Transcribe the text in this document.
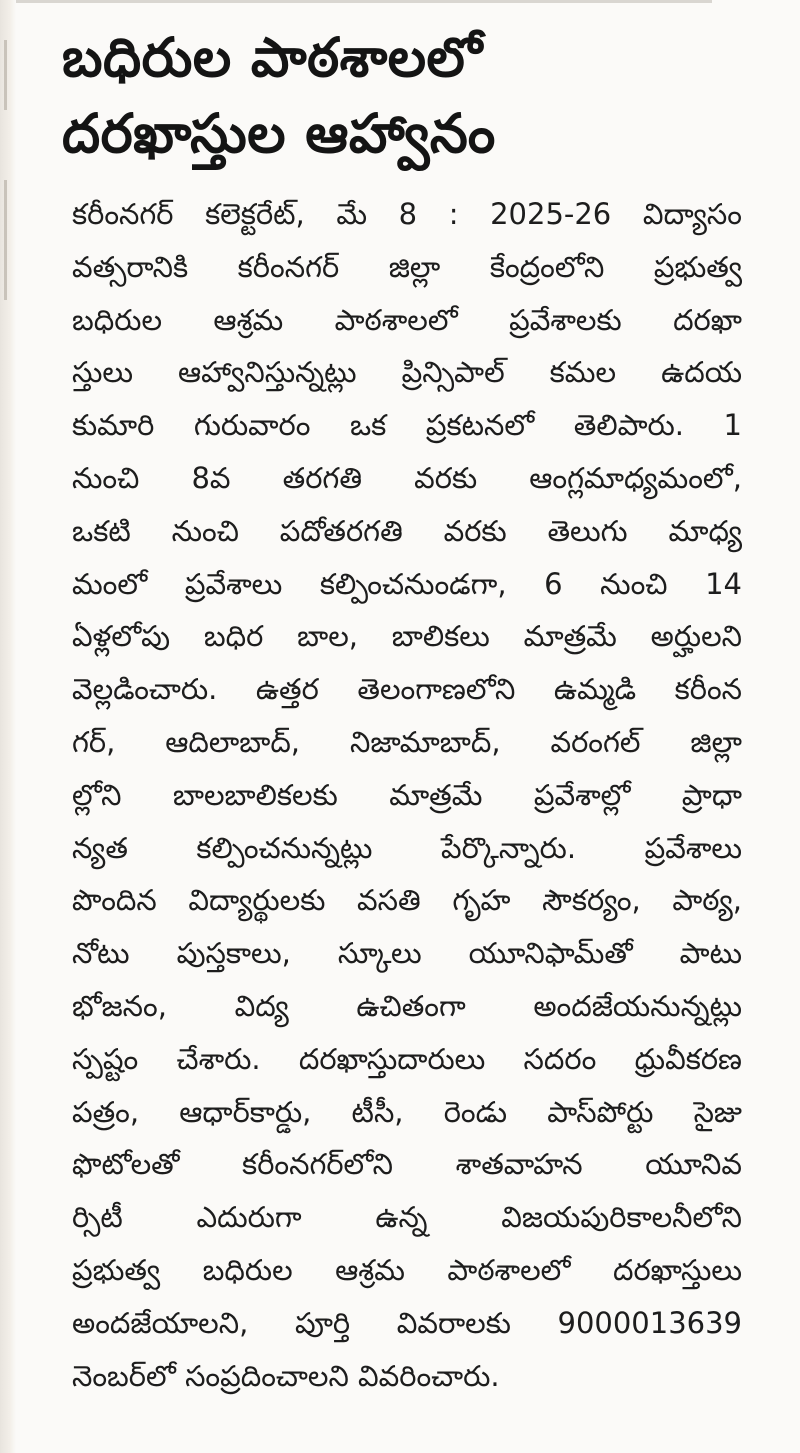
బధిరుల పాఠశాలలో
దరఖాస్తుల ఆహ్వానం
కరీంనగర్ కలెక్టరేట్, మే 8 : 2025-26 విద్యాసం
వత్సరానికి కరీంనగర్ జిల్లా కేంద్రంలోని ప్రభుత్వ
బధిరుల ఆశ్రమ పాఠశాలలో ప్రవేశాలకు దరఖా
స్తులు ఆహ్వానిస్తున్నట్లు ప్రిన్సిపాల్ కమల ఉదయ
కుమారి గురువారం ఒక ప్రకటనలో తెలిపారు. 1
నుంచి 8వ తరగతి వరకు ఆంగ్లమాధ్యమంలో,
ఒకటి నుంచి పదోతరగతి వరకు తెలుగు మాధ్య
మంలో ప్రవేశాలు కల్పించనుండగా, 6 నుంచి 14
ఏళ్లలోపు బధిర బాల, బాలికలు మాత్రమే అర్హులని
వెల్లడించారు. ఉత్తర తెలంగాణలోని ఉమ్మడి కరీంన
గర్, ఆదిలాబాద్, నిజామాబాద్, వరంగల్ జిల్లా
ల్లోని బాలబాలికలకు మాత్రమే ప్రవేశాల్లో ప్రాధా
న్యత కల్పించనున్నట్లు పేర్కొన్నారు. ప్రవేశాలు
పొందిన విద్యార్థులకు వసతి గృహ సౌకర్యం, పాఠ్య,
నోటు పుస్తకాలు, స్కూలు యూనిఫామ్‌తో పాటు
భోజనం, విద్య ఉచితంగా అందజేయనున్నట్లు
స్పష్టం చేశారు. దరఖాస్తుదారులు సదరం ధ్రువీకరణ
పత్రం, ఆధార్‌కార్డు, టీసీ, రెండు పాస్‌పోర్టు సైజు
ఫొటోలతో కరీంనగర్‌లోని శాతవాహన యూనివ
ర్సిటీ ఎదురుగా ఉన్న విజయపురికాలనీలోని
ప్రభుత్వ బధిరుల ఆశ్రమ పాఠశాలలో దరఖాస్తులు
అందజేయాలని, పూర్తి వివరాలకు 9000013639
నెంబర్‌లో సంప్రదించాలని వివరించారు.
